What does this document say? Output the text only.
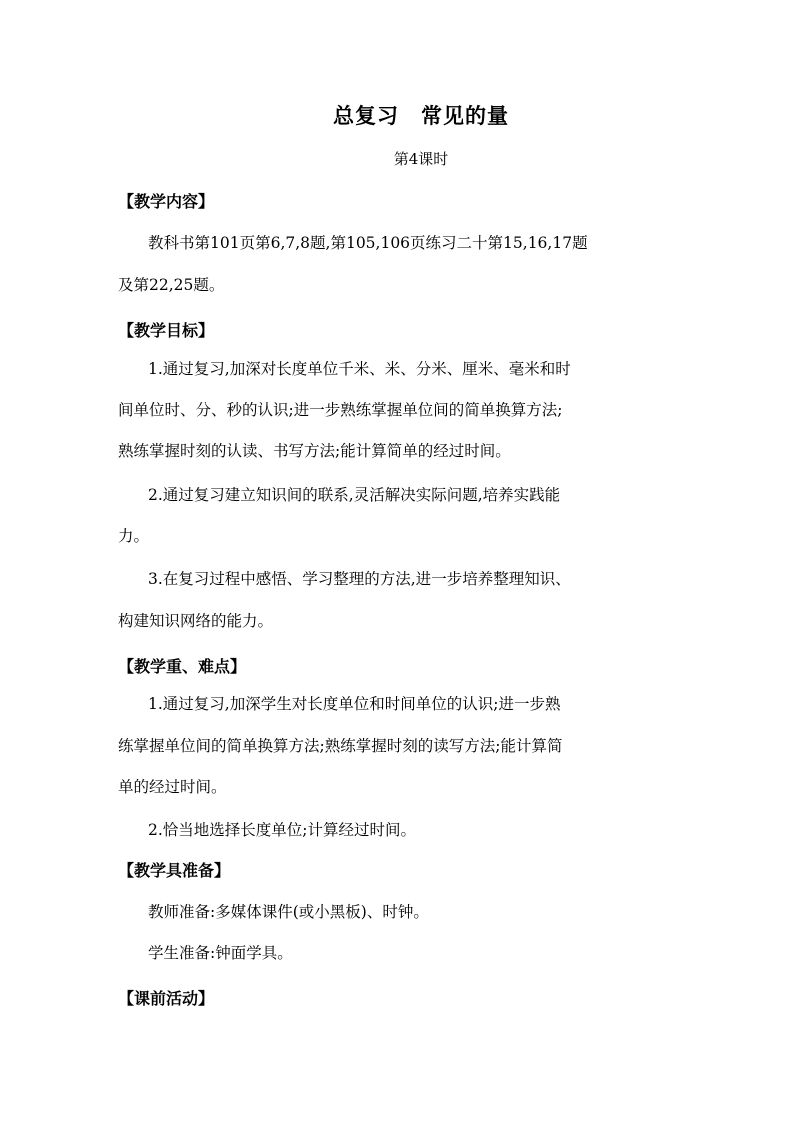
总复习　常见的量
第4课时
【教学内容】
教科书第101页第6,7,8题,第105,106页练习二十第15,16,17题
及第22,25题。
【教学目标】
1.通过复习,加深对长度单位千米、米、分米、厘米、毫米和时
间单位时、分、秒的认识;进一步熟练掌握单位间的简单换算方法;
熟练掌握时刻的认读、书写方法;能计算简单的经过时间。
2.通过复习建立知识间的联系,灵活解决实际问题,培养实践能
力。
3.在复习过程中感悟、学习整理的方法,进一步培养整理知识、
构建知识网络的能力。
【教学重、难点】
1.通过复习,加深学生对长度单位和时间单位的认识;进一步熟
练掌握单位间的简单换算方法;熟练掌握时刻的读写方法;能计算简
单的经过时间。
2.恰当地选择长度单位;计算经过时间。
【教学具准备】
教师准备:多媒体课件(或小黑板)、时钟。
学生准备:钟面学具。
【课前活动】
